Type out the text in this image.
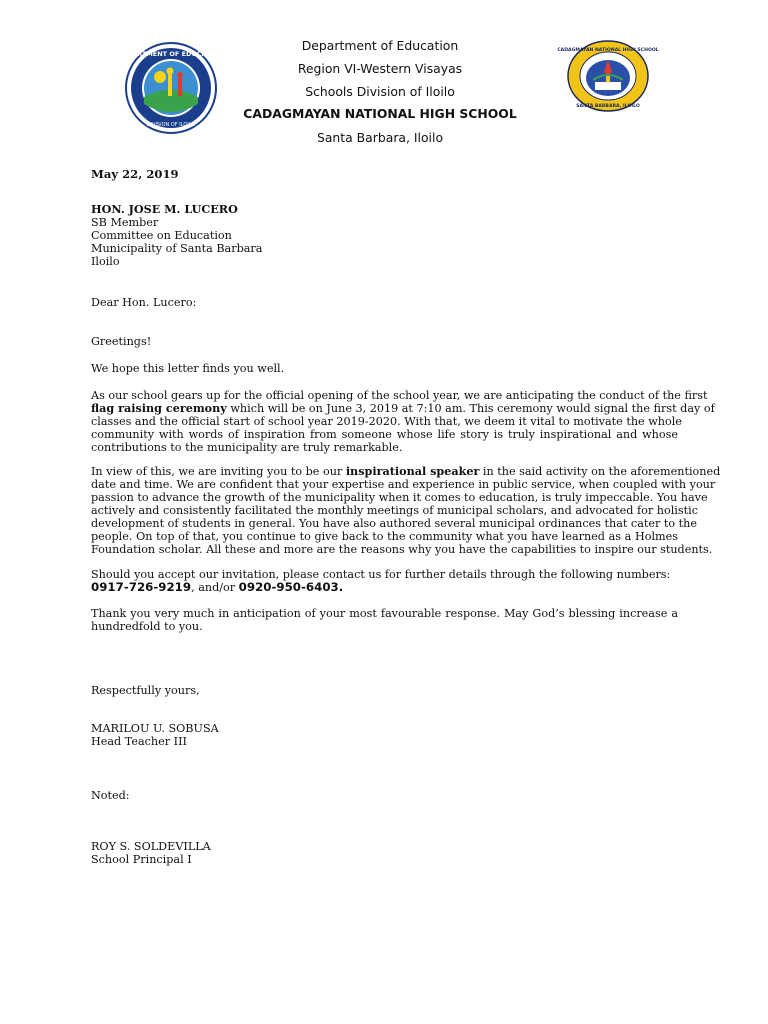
DEPARTMENT OF EDUCATION
DIVISION OF ILOILO
CADAGMAYAN NATIONAL HIGH SCHOOL
SANTA BARBARA, ILOILO
Department of Education
Region VI-Western Visayas
Schools Division of Iloilo
CADAGMAYAN NATIONAL HIGH SCHOOL
Santa Barbara, Iloilo
May 22, 2019
HON. JOSE M. LUCERO
SB Member
Committee on Education
Municipality of Santa Barbara
Iloilo
Dear Hon. Lucero:
Greetings!
We hope this letter finds you well.
As our school gears up for the official opening of the school year, we are anticipating the conduct of the first
flag raising ceremony which will be on June 3, 2019 at 7:10 am. This ceremony would signal the first day of
classes and the official start of school year 2019-2020. With that, we deem it vital to motivate the whole
community with words of inspiration from someone whose life story is truly inspirational and whose
contributions to the municipality are truly remarkable.
In view of this, we are inviting you to be our inspirational speaker in the said activity on the aforementioned
date and time. We are confident that your expertise and experience in public service, when coupled with your
passion to advance the growth of the municipality when it comes to education, is truly impeccable. You have
actively and consistently facilitated the monthly meetings of municipal scholars, and advocated for holistic
development of students in general. You have also authored several municipal ordinances that cater to the
people. On top of that, you continue to give back to the community what you have learned as a Holmes
Foundation scholar. All these and more are the reasons why you have the capabilities to inspire our students.
Should you accept our invitation, please contact us for further details through the following numbers:
0917-726-9219, and/or 0920-950-6403.
Thank you very much in anticipation of your most favourable response. May God’s blessing increase a
hundredfold to you.
Respectfully yours,
MARILOU U. SOBUSA
Head Teacher III
Noted:
ROY S. SOLDEVILLA
School Principal I
